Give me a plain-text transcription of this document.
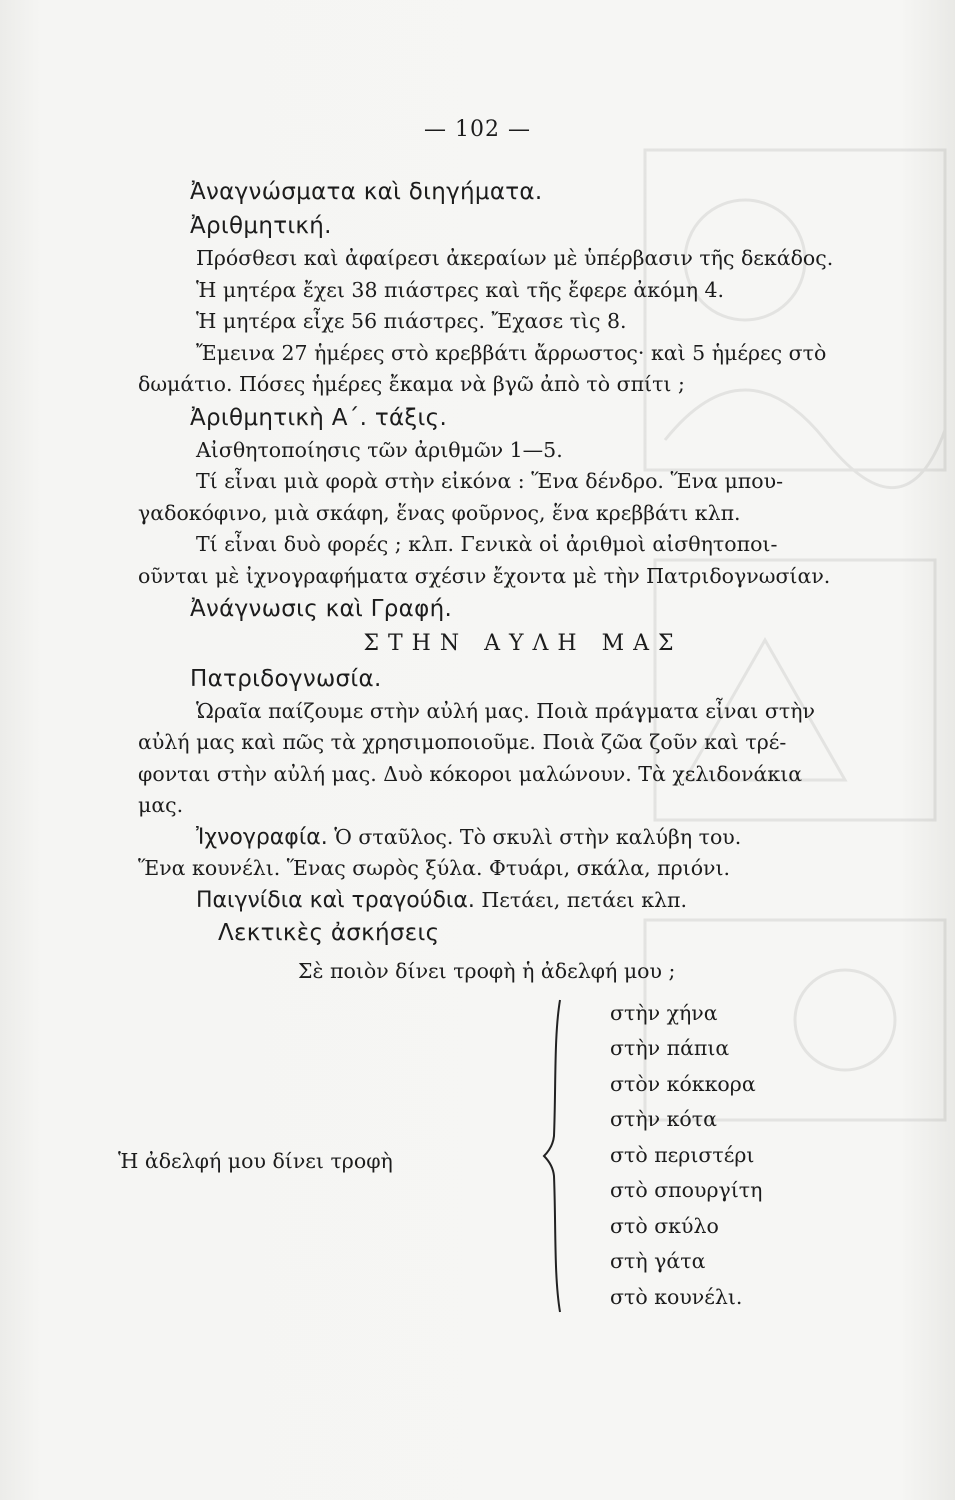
— 102 —
Ἀναγνώσματα καὶ διηγήματα.
Ἀριθμητική.
Πρόσθεσι καὶ ἀφαίρεσι ἀκεραίων μὲ ὑπέρβασιν τῆς δεκάδος.
Ἡ μητέρα ἔχει 38 πιάστρες καὶ τῆς ἔφερε ἀκόμη 4.
Ἡ μητέρα εἶχε 56 πιάστρες. Ἔχασε τὶς 8.
Ἔμεινα 27 ἡμέρες στὸ κρεββάτι ἄρρωστος· καὶ 5 ἡμέρες στὸ
δωμάτιο. Πόσες ἡμέρες ἔκαμα νὰ βγῶ ἀπὸ τὸ σπίτι ;
Ἀριθμητικὴ Α΄. τάξις.
Αἰσθητοποίησις τῶν ἀριθμῶν 1—5.
Τί εἶναι μιὰ φορὰ στὴν εἰκόνα : Ἕνα δένδρο. Ἕνα μπου-
γαδοκόφινο, μιὰ σκάφη, ἕνας φοῦρνος, ἕνα κρεββάτι κλπ.
Τί εἶναι δυὸ φορές ; κλπ. Γενικὰ οἱ ἀριθμοὶ αἰσθητοποι-
οῦνται μὲ ἰχνογραφήματα σχέσιν ἔχοντα μὲ τὴν Πατριδογνωσίαν.
Ἀνάγνωσις καὶ Γραφή.
ΣΤΗΝ ΑΥΛΗ ΜΑΣ
Πατριδογνωσία.
Ὡραῖα παίζουμε στὴν αὐλή μας. Ποιὰ πράγματα εἶναι στὴν
αὐλή μας καὶ πῶς τὰ χρησιμοποιοῦμε. Ποιὰ ζῶα ζοῦν καὶ τρέ-
φονται στὴν αὐλή μας. Δυὸ κόκοροι μαλώνουν. Τὰ χελιδονάκια
μας.
Ἰχνογραφία. Ὁ σταῦλος. Τὸ σκυλὶ στὴν καλύβη του.
Ἕνα κουνέλι. Ἕνας σωρὸς ξύλα. Φτυάρι, σκάλα, πριόνι.
Παιγνίδια καὶ τραγούδια. Πετάει, πετάει κλπ.
Λεκτικὲς ἀσκήσεις
Σὲ ποιὸν δίνει τροφὴ ἡ ἀδελφή μου ;
Ἡ ἀδελφή μου δίνει τροφὴ
στὴν χήνα
στὴν πάπια
στὸν κόκκορα
στὴν κότα
στὸ περιστέρι
στὸ σπουργίτη
στὸ σκύλο
στὴ γάτα
στὸ κουνέλι.
